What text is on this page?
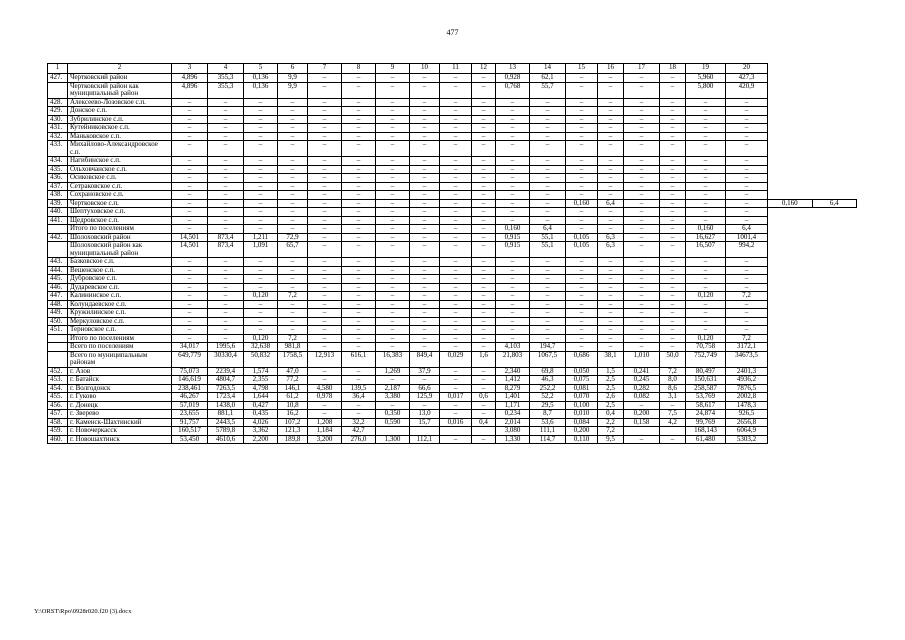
477
1	2	3	4	5	6	7	8	9	10	11	12	13	14	15	16	17	18	19	20		
427.	Чертковский район	4,896	355,3	0,136	9,9	–	–	–	–	–	–	0,928	62,1	–	–	–	–	5,960	427,3		
	Чертковский район как муниципальный район	4,896	355,3	0,136	9,9	–	–	–	–	–	–	0,768	55,7	–	–	–	–	5,800	420,9		
428.	Алексеево-Лозовское с.п.	–	–	–	–	–	–	–	–	–	–	–	–	–	–	–	–	–	–		
429.	Донское с.п.	–	–	–	–	–	–	–	–	–	–	–	–	–	–	–	–	–	–		
430.	Зубрилинское с.п.	–	–	–	–	–	–	–	–	–	–	–	–	–	–	–	–	–	–		
431.	Кутейниковское с.п.	–	–	–	–	–	–	–	–	–	–	–	–	–	–	–	–	–	–		
432.	Маньковское с.п.	–	–	–	–	–	–	–	–	–	–	–	–	–	–	–	–	–	–		
433.	Михайлово-Александровское с.п.	–	–	–	–	–	–	–	–	–	–	–	–	–	–	–	–	–	–		
434.	Нагибинское с.п.	–	–	–	–	–	–	–	–	–	–	–	–	–	–	–	–	–	–		
435.	Ольховчанское с.п.	–	–	–	–	–	–	–	–	–	–	–	–	–	–	–	–	–	–		
436.	Осиковское с.п.	–	–	–	–	–	–	–	–	–	–	–	–	–	–	–	–	–	–		
437.	Сетраковское с.п.	–	–	–	–	–	–	–	–	–	–	–	–	–	–	–	–	–	–		
438.	Сохрановское с.п.	–	–	–	–	–	–	–	–	–	–	–	–	–	–	–	–	–	–		
439.	Чертковское с.п.	–	–	–	–	–	–	–	–	–	–	–	–	0,160	6,4	–	–	–	–	0,160	6,4
440.	Шептуховское с.п.	–	–	–	–	–	–	–	–	–	–	–	–	–	–	–	–	–	–		
441.	Щедровское с.п.	–	–	–	–	–	–	–	–	–	–	–	–	–	–	–	–	–	–		
	Итого по поселениям	–	–	–	–	–	–	–	–	–	–	0,160	6,4	–	–	–	–	0,160	6,4		
442.	Шолоховский район	14,501	873,4	1,211	72,9	–	–	–	–	–	–	0,915	55,1	0,105	6,3	–	–	16,627	1001,4		
	Шолоховский район как муниципальный район	14,501	873,4	1,091	65,7	–	–	–	–	–	–	0,915	55,1	0,105	6,3	–	–	16,507	994,2		
443.	Базковское с.п.	–	–	–	–	–	–	–	–	–	–	–	–	–	–	–	–	–	–		
444.	Вешенское с.п.	–	–	–	–	–	–	–	–	–	–	–	–	–	–	–	–	–	–		
445.	Дубровское с.п.	–	–	–	–	–	–	–	–	–	–	–	–	–	–	–	–	–	–		
446.	Дударевское с.п.	–	–	–	–	–	–	–	–	–	–	–	–	–	–	–	–	–	–		
447.	Калининское с.п.	–	–	0,120	7,2	–	–	–	–	–	–	–	–	–	–	–	–	0,120	7,2		
448.	Колундаевское с.п.	–	–	–	–	–	–	–	–	–	–	–	–	–	–	–	–	–	–		
449.	Кружилинское с.п.	–	–	–	–	–	–	–	–	–	–	–	–	–	–	–	–	–	–		
450.	Меркуловское с.п.	–	–	–	–	–	–	–	–	–	–	–	–	–	–	–	–	–	–		
451.	Терновское с.п.	–	–	–	–	–	–	–	–	–	–	–	–	–	–	–	–	–	–		
	Итого по поселениям	–	–	0,120	7,2	–	–	–	–	–	–	–	–	–	–	–	–	0,120	7,2		
	Всего по поселениям	34,017	1995,6	32,638	981,8	–	–	–	–	–	–	4,103	194,7	–	–	–	–	70,758	3172,1		
	Всего по муниципальным районам	649,779	30330,4	50,832	1758,5	12,913	616,1	16,383	849,4	0,029	1,6	21,803	1067,5	0,686	38,1	1,010	50,0	752,749	34673,5		
452.	г. Азов	75,073	2239,4	1,574	47,0	–	–	1,269	37,9	–	–	2,340	69,8	0,050	1,5	0,241	7,2	80,497	2401,3		
453.	г. Батайск	146,619	4804,7	2,355	77,2	–	–	–	–	–	–	1,412	46,3	0,075	2,5	0,245	8,0	150,631	4936,2		
454.	г. Волгодонск	238,461	7263,5	4,798	146,1	4,580	139,5	2,187	66,6	–	–	8,279	252,2	0,081	2,5	0,282	8,6	258,587	7876,5		
455.	г. Гуково	46,267	1723,4	1,644	61,2	0,978	36,4	3,380	125,9	0,017	0,6	1,401	52,2	0,070	2,6	0,082	3,1	53,769	2002,8		
456.	г. Донецк	57,019	1438,0	0,427	10,8	–	–	–	–	–	–	1,171	29,5	0,100	2,5	–	–	58,617	1478,3		
457.	г. Зверево	23,655	881,1	0,435	16,2	–	–	0,350	13,0	–	–	0,234	8,7	0,010	0,4	0,200	7,5	24,874	926,5		
458.	г. Каменск-Шахтинский	91,757	2443,5	4,026	107,2	1,208	32,2	0,590	15,7	0,016	0,4	2,014	53,6	0,084	2,2	0,158	4,2	99,769	2656,8		
459.	г. Новочеркасск	160,517	5789,8	3,362	121,3	1,184	42,7					3,080	111,1	0,200	7,2			168,143	6064,9		
460.	г. Новошахтинск	53,450	4610,6	2,200	189,8	3,200	276,0	1,300	112,1	–	–	1,330	114,7	0,110	9,5	–	–	61,480	5303,2		
Y:\ORST\Rpo\0928r020.f20 (3).docx
